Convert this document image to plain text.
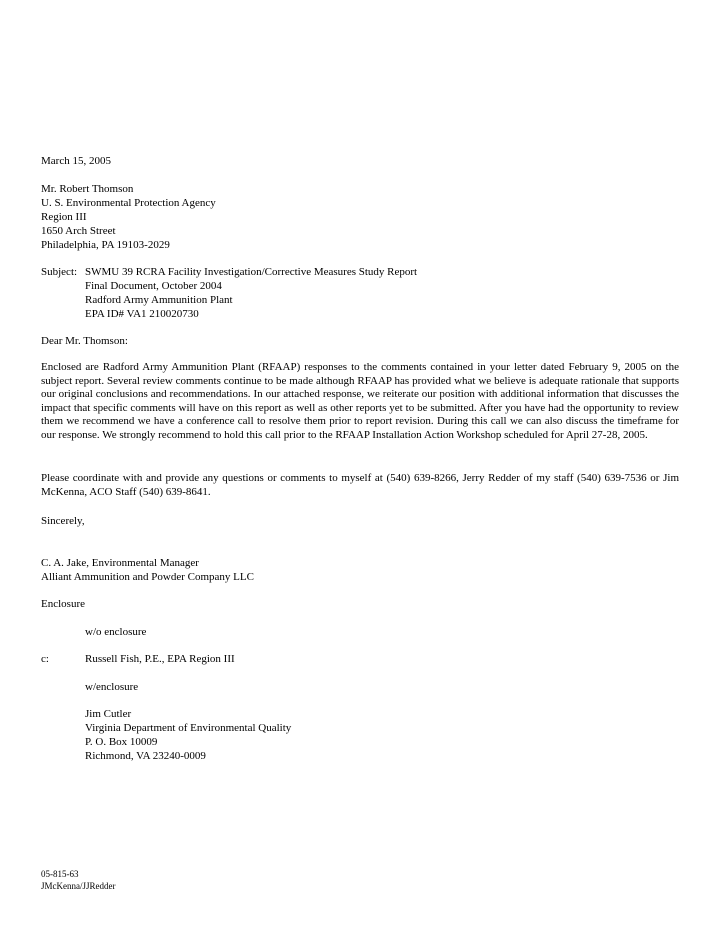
March 15, 2005
Mr. Robert Thomson
U. S. Environmental Protection Agency
Region III
1650 Arch Street
Philadelphia, PA 19103-2029
Subject: SWMU 39 RCRA Facility Investigation/Corrective Measures Study Report
Final Document, October 2004
Radford Army Ammunition Plant
EPA ID# VA1 210020730
Dear Mr. Thomson:

Enclosed are Radford Army Ammunition Plant (RFAAP) responses to the comments contained in your letter dated February 9, 2005 on the subject report. Several review comments continue to be made although RFAAP has provided what we believe is adequate rationale that supports our original conclusions and recommendations. In our attached response, we reiterate our position with additional information that discusses the impact that specific comments will have on this report as well as other reports yet to be submitted. After you have had the opportunity to review them we recommend we have a conference call to resolve them prior to report revision. During this call we can also discuss the timeframe for our response. We strongly recommend to hold this call prior to the RFAAP Installation Action Workshop scheduled for April 27-28, 2005.

Please coordinate with and provide any questions or comments to myself at (540) 639-8266, Jerry Redder of my staff (540) 639-7536 or Jim McKenna, ACO Staff (540) 639-8641.

Sincerely,
C. A. Jake, Environmental Manager
Alliant Ammunition and Powder Company LLC
Enclosure
w/o enclosure
c:	Russell Fish, P.E., EPA Region III
w/enclosure
Jim Cutler
Virginia Department of Environmental Quality
P. O. Box 10009
Richmond, VA 23240-0009
05-815-63
JMcKenna/JJRedder
